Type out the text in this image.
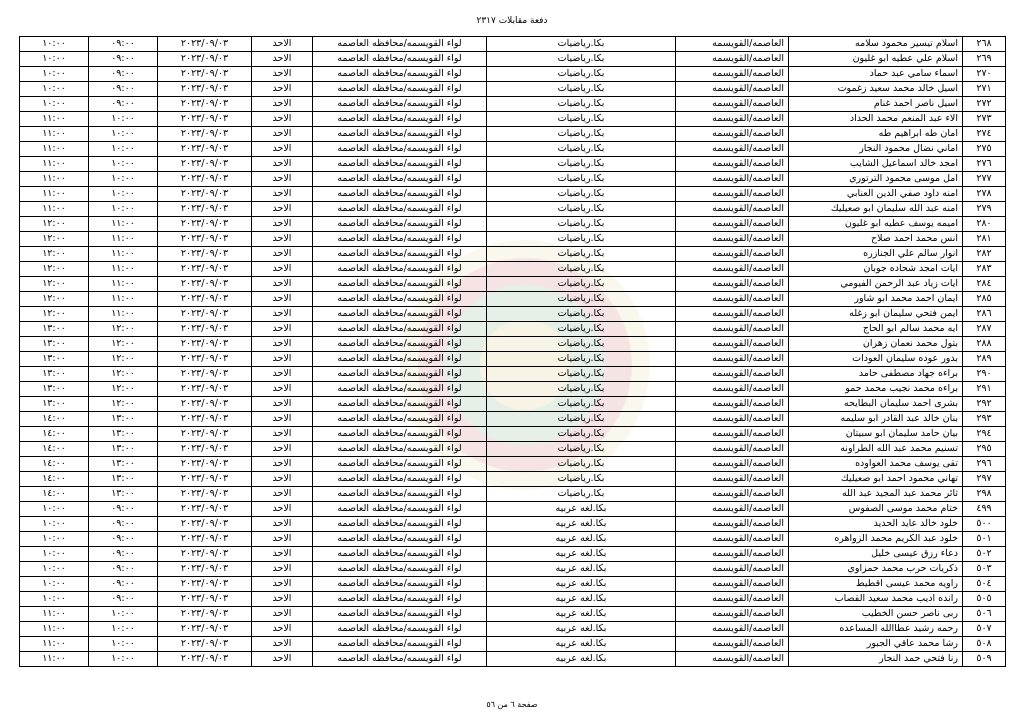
دفعة مقابلات ٢٣١٧
٢٦٨	اسلام تيسير محمود سلامه	العاصمه/القويسمه	بكا.رياضيات	لواء القويسمه/محافظه العاصمه	الاحد	٢٠٢٣/٠٩/٠٣	٠٩:٠٠	١٠:٠٠
٢٦٩	اسلام علي عطيه ابو غليون	العاصمه/القويسمه	بكا.رياضيات	لواء القويسمه/محافظه العاصمه	الاحد	٢٠٢٣/٠٩/٠٣	٠٩:٠٠	١٠:٠٠
٢٧٠	اسماء سامي عبد حماد	العاصمه/القويسمه	بكا.رياضيات	لواء القويسمه/محافظه العاصمه	الاحد	٢٠٢٣/٠٩/٠٣	٠٩:٠٠	١٠:٠٠
٢٧١	اسيل خالد محمد سعيد زغموت	العاصمه/القويسمه	بكا.رياضيات	لواء القويسمه/محافظه العاصمه	الاحد	٢٠٢٣/٠٩/٠٣	٠٩:٠٠	١٠:٠٠
٢٧٢	اسيل ناصر احمد غنام	العاصمه/القويسمه	بكا.رياضيات	لواء القويسمه/محافظه العاصمه	الاحد	٢٠٢٣/٠٩/٠٣	٠٩:٠٠	١٠:٠٠
٢٧٣	الاء عبد المنعم محمد الحداد	العاصمه/القويسمه	بكا.رياضيات	لواء القويسمه/محافظه العاصمه	الاحد	٢٠٢٣/٠٩/٠٣	١٠:٠٠	١١:٠٠
٢٧٤	امان طه ابراهيم طه	العاصمه/القويسمه	بكا.رياضيات	لواء القويسمه/محافظه العاصمه	الاحد	٢٠٢٣/٠٩/٠٣	١٠:٠٠	١١:٠٠
٢٧٥	اماني نضال محمود النجار	العاصمه/القويسمه	بكا.رياضيات	لواء القويسمه/محافظه العاصمه	الاحد	٢٠٢٣/٠٩/٠٣	١٠:٠٠	١١:٠٠
٢٧٦	امجد خالد اسماعيل الشايب	العاصمه/القويسمه	بكا.رياضيات	لواء القويسمه/محافظه العاصمه	الاحد	٢٠٢٣/٠٩/٠٣	١٠:٠٠	١١:٠٠
٢٧٧	امل موسى محمود الترتوري	العاصمه/القويسمه	بكا.رياضيات	لواء القويسمه/محافظه العاصمه	الاحد	٢٠٢٣/٠٩/٠٣	١٠:٠٠	١١:٠٠
٢٧٨	امنه داود صفي الدين العنابي	العاصمه/القويسمه	بكا.رياضيات	لواء القويسمه/محافظه العاصمه	الاحد	٢٠٢٣/٠٩/٠٣	١٠:٠٠	١١:٠٠
٢٧٩	امنه عبد الله سليمان ابو صعيليك	العاصمه/القويسمه	بكا.رياضيات	لواء القويسمه/محافظه العاصمه	الاحد	٢٠٢٣/٠٩/٠٣	١٠:٠٠	١١:٠٠
٢٨٠	اميمه يوسف عطيه ابو غليون	العاصمه/القويسمه	بكا.رياضيات	لواء القويسمه/محافظه العاصمه	الاحد	٢٠٢٣/٠٩/٠٣	١١:٠٠	١٢:٠٠
٢٨١	انس محمد احمد صلاح	العاصمه/القويسمه	بكا.رياضيات	لواء القويسمه/محافظه العاصمه	الاحد	٢٠٢٣/٠٩/٠٣	١١:٠٠	١٢:٠٠
٢٨٢	انوار سالم علي الجنازره	العاصمه/القويسمه	بكا.رياضيات	لواء القويسمه/محافظه العاصمه	الاحد	٢٠٢٣/٠٩/٠٣	١١:٠٠	١٢:٠٠
٢٨٣	ايات امجد شحاده جوبان	العاصمه/القويسمه	بكا.رياضيات	لواء القويسمه/محافظه العاصمه	الاحد	٢٠٢٣/٠٩/٠٣	١١:٠٠	١٢:٠٠
٢٨٤	ايات زياد عبد الرحمن الفيومي	العاصمه/القويسمه	بكا.رياضيات	لواء القويسمه/محافظه العاصمه	الاحد	٢٠٢٣/٠٩/٠٣	١١:٠٠	١٢:٠٠
٢٨٥	ايمان احمد محمد ابو شاور	العاصمه/القويسمه	بكا.رياضيات	لواء القويسمه/محافظه العاصمه	الاحد	٢٠٢٣/٠٩/٠٣	١١:٠٠	١٢:٠٠
٢٨٦	ايمن فتحي سليمان ابو زغله	العاصمه/القويسمه	بكا.رياضيات	لواء القويسمه/محافظه العاصمه	الاحد	٢٠٢٣/٠٩/٠٣	١١:٠٠	١٢:٠٠
٢٨٧	ايه محمد سالم ابو الحاج	العاصمه/القويسمه	بكا.رياضيات	لواء القويسمه/محافظه العاصمه	الاحد	٢٠٢٣/٠٩/٠٣	١٢:٠٠	١٣:٠٠
٢٨٨	بتول محمد نعمان زهران	العاصمه/القويسمه	بكا.رياضيات	لواء القويسمه/محافظه العاصمه	الاحد	٢٠٢٣/٠٩/٠٣	١٢:٠٠	١٣:٠٠
٢٨٩	بدور عوده سليمان العودات	العاصمه/القويسمه	بكا.رياضيات	لواء القويسمه/محافظه العاصمه	الاحد	٢٠٢٣/٠٩/٠٣	١٢:٠٠	١٣:٠٠
٢٩٠	براءه جهاد مصطفى حامد	العاصمه/القويسمه	بكا.رياضيات	لواء القويسمه/محافظه العاصمه	الاحد	٢٠٢٣/٠٩/٠٣	١٢:٠٠	١٣:٠٠
٢٩١	براءه محمد نجيب محمد حمو	العاصمه/القويسمه	بكا.رياضيات	لواء القويسمه/محافظه العاصمه	الاحد	٢٠٢٣/٠٩/٠٣	١٢:٠٠	١٣:٠٠
٢٩٢	بشرى احمد سليمان البطايحه	العاصمه/القويسمه	بكا.رياضيات	لواء القويسمه/محافظه العاصمه	الاحد	٢٠٢٣/٠٩/٠٣	١٢:٠٠	١٣:٠٠
٢٩٣	بنان خالد عبد القادر ابو سليمه	العاصمه/القويسمه	بكا.رياضيات	لواء القويسمه/محافظه العاصمه	الاحد	٢٠٢٣/٠٩/٠٣	١٣:٠٠	١٤:٠٠
٢٩٤	بيان حامد سليمان ابو سبيتان	العاصمه/القويسمه	بكا.رياضيات	لواء القويسمه/محافظه العاصمه	الاحد	٢٠٢٣/٠٩/٠٣	١٣:٠٠	١٤:٠٠
٢٩٥	تسنيم محمد عبد الله الطراونه	العاصمه/القويسمه	بكا.رياضيات	لواء القويسمه/محافظه العاصمه	الاحد	٢٠٢٣/٠٩/٠٣	١٣:٠٠	١٤:٠٠
٢٩٦	تقى يوسف محمد العواوده	العاصمه/القويسمه	بكا.رياضيات	لواء القويسمه/محافظه العاصمه	الاحد	٢٠٢٣/٠٩/٠٣	١٣:٠٠	١٤:٠٠
٢٩٧	تهاني محمود احمد ابو صعيليك	العاصمه/القويسمه	بكا.رياضيات	لواء القويسمه/محافظه العاصمه	الاحد	٢٠٢٣/٠٩/٠٣	١٣:٠٠	١٤:٠٠
٢٩٨	ثائر محمد عبد المجيد عبد الله	العاصمه/القويسمه	بكا.رياضيات	لواء القويسمه/محافظه العاصمه	الاحد	٢٠٢٣/٠٩/٠٣	١٣:٠٠	١٤:٠٠
٤٩٩	ختام محمد موسى الصفوس	العاصمه/القويسمه	بكا.لغه عربيه	لواء القويسمه/محافظه العاصمه	الاحد	٢٠٢٣/٠٩/٠٣	٠٩:٠٠	١٠:٠٠
٥٠٠	خلود خالد عايد الحديد	العاصمه/القويسمه	بكا.لغه عربيه	لواء القويسمه/محافظه العاصمه	الاحد	٢٠٢٣/٠٩/٠٣	٠٩:٠٠	١٠:٠٠
٥٠١	خلود عبد الكريم محمد الزواهره	العاصمه/القويسمه	بكا.لغه عربيه	لواء القويسمه/محافظه العاصمه	الاحد	٢٠٢٣/٠٩/٠٣	٠٩:٠٠	١٠:٠٠
٥٠٢	دعاء رزق عيسى خليل	العاصمه/القويسمه	بكا.لغه عربيه	لواء القويسمه/محافظه العاصمه	الاحد	٢٠٢٣/٠٩/٠٣	٠٩:٠٠	١٠:٠٠
٥٠٣	ذكريات حرب محمد حمزاوي	العاصمه/القويسمه	بكا.لغه عربيه	لواء القويسمه/محافظه العاصمه	الاحد	٢٠٢٣/٠٩/٠٣	٠٩:٠٠	١٠:٠٠
٥٠٤	راويه محمد عيسى اقطيط	العاصمه/القويسمه	بكا.لغه عربيه	لواء القويسمه/محافظه العاصمه	الاحد	٢٠٢٣/٠٩/٠٣	٠٩:٠٠	١٠:٠٠
٥٠٥	رانده اديب محمد سعيد القصاب	العاصمه/القويسمه	بكا.لغه عربيه	لواء القويسمه/محافظه العاصمه	الاحد	٢٠٢٣/٠٩/٠٣	٠٩:٠٠	١٠:٠٠
٥٠٦	ربى ناصر حسن الخطيب	العاصمه/القويسمه	بكا.لغه عربيه	لواء القويسمه/محافظه العاصمه	الاحد	٢٠٢٣/٠٩/٠٣	١٠:٠٠	١١:٠٠
٥٠٧	رحمه رشيد عطاالله المساعده	العاصمه/القويسمه	بكا.لغه عربيه	لواء القويسمه/محافظه العاصمه	الاحد	٢٠٢٣/٠٩/٠٣	١٠:٠٠	١١:٠٠
٥٠٨	رشا محمد عاقي الجبور	العاصمه/القويسمه	بكا.لغه عربيه	لواء القويسمه/محافظه العاصمه	الاحد	٢٠٢٣/٠٩/٠٣	١٠:٠٠	١١:٠٠
٥٠٩	رنا فتحي حمد النجار	العاصمه/القويسمه	بكا.لغه عربيه	لواء القويسمه/محافظه العاصمه	الاحد	٢٠٢٣/٠٩/٠٣	١٠:٠٠	١١:٠٠
صفحة ٦ من ٥٦
